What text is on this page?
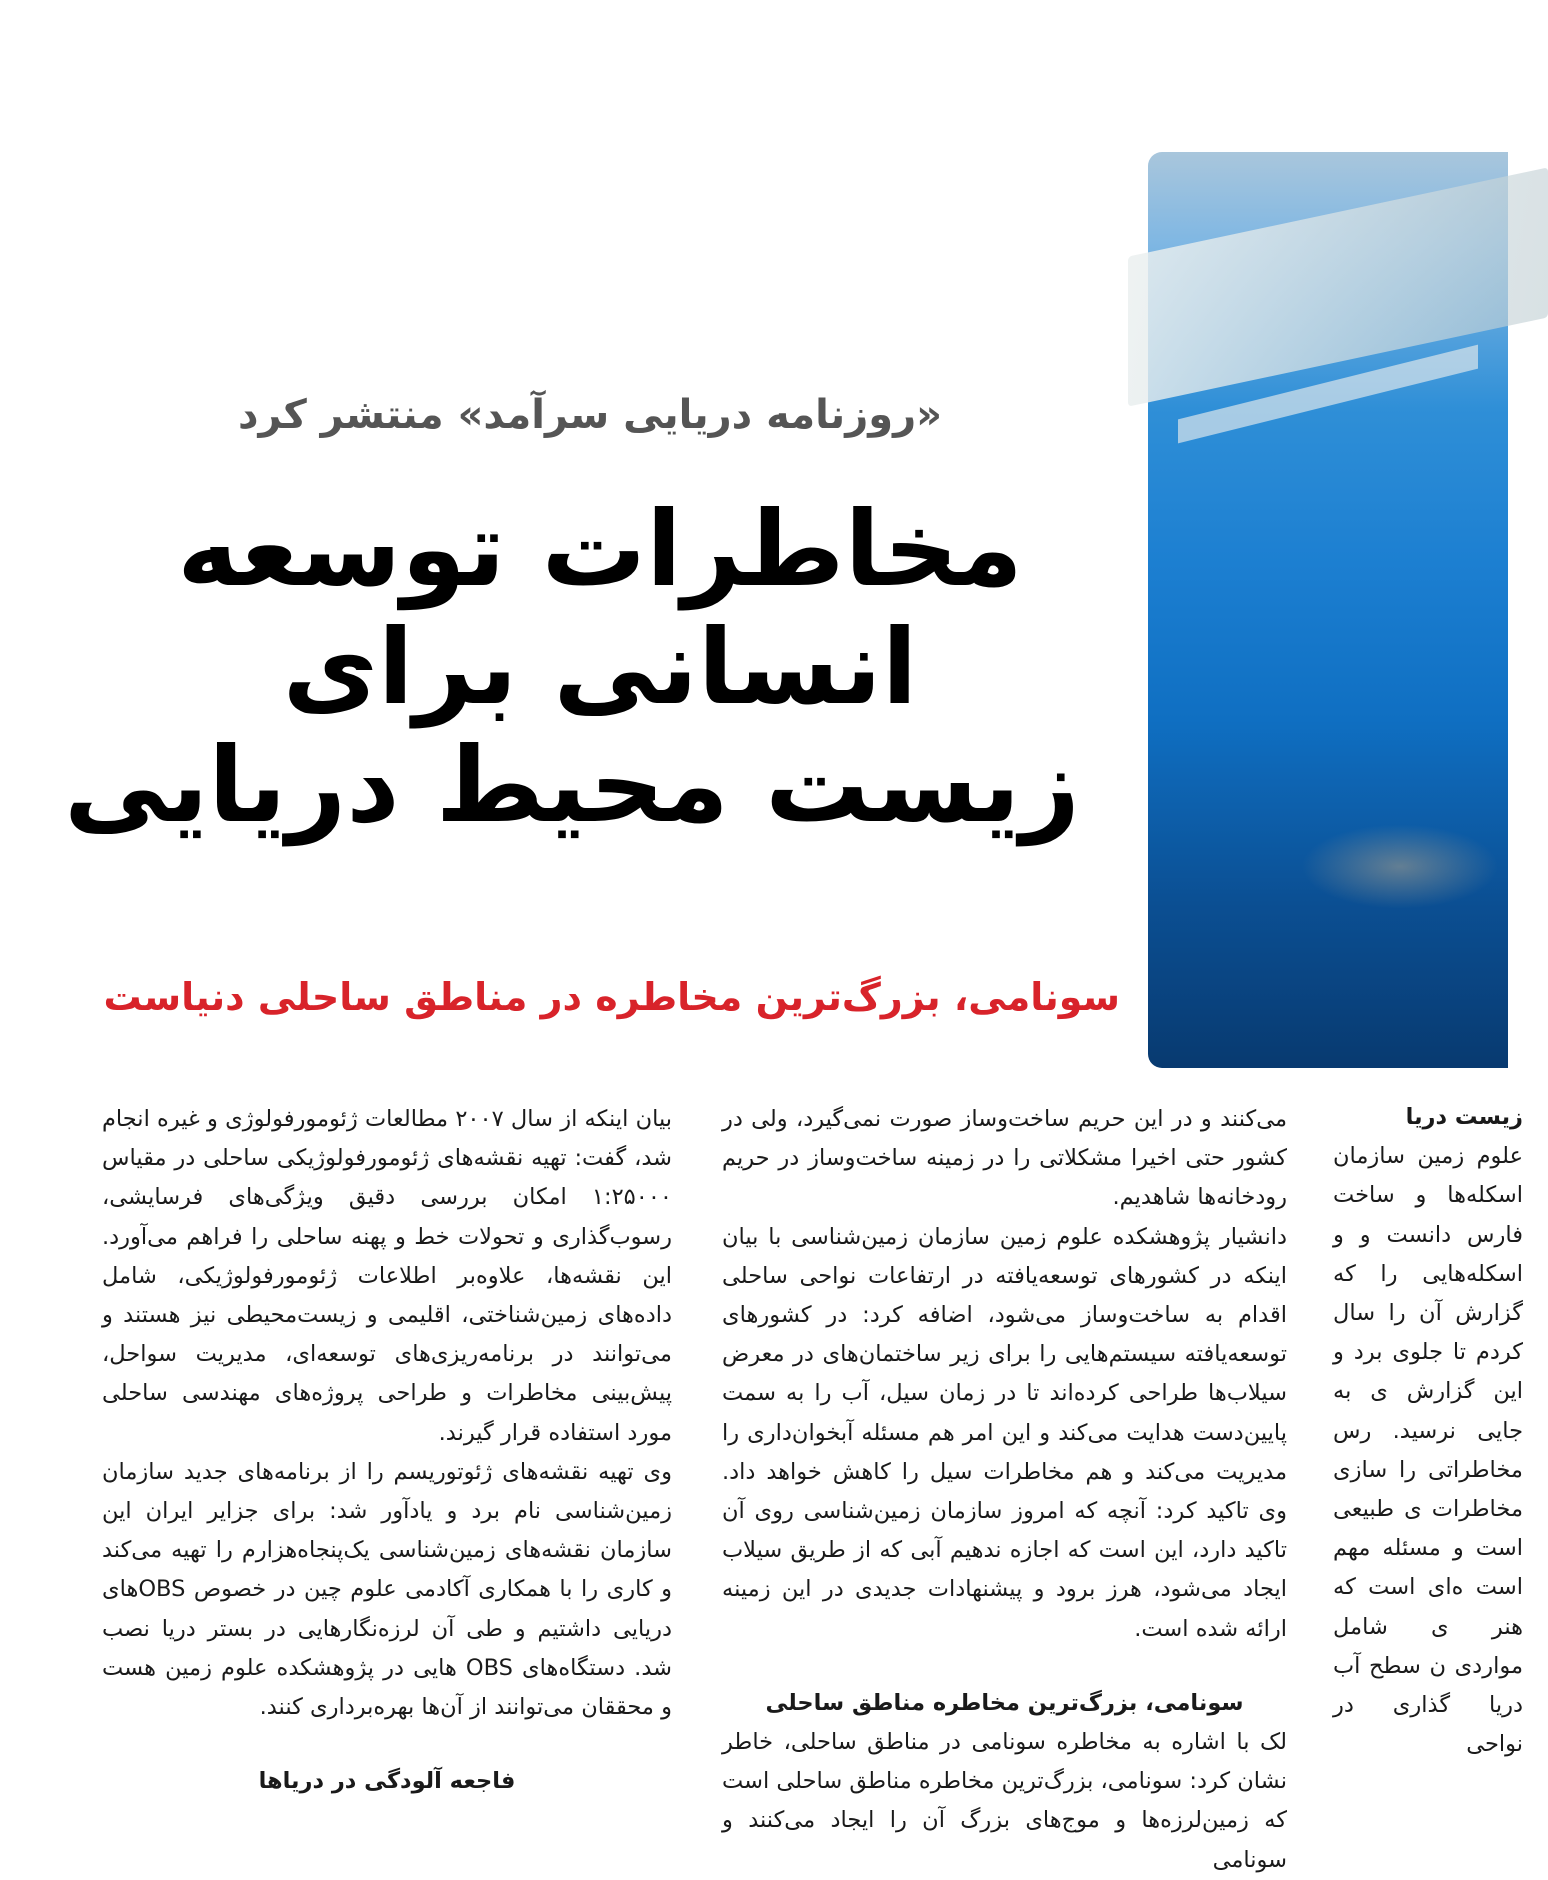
«روزنامه دریایی سرآمد» منتشر کرد
مخاطرات توسعه
انسانی برای
زیست محیط دریایی
سونامی، بزرگ‌ترین مخاطره در مناطق ساحلی دنیاست

زیست دریا

علوم زمین سازمان اسکله‌ها و ساخت فارس دانست و و اسکله‌هایی را که گزارش آن را سال کردم تا جلوی برد و این گزارش ی به جایی نرسید. رس مخاطراتی را سازی مخاطرات ی طبیعی است و مسئله مهم است ه‌ای است که هنر ی شامل مواردی ن سطح آب دریا گذاری در نواحی

می‌کنند و در این حریم ساخت‌وساز صورت نمی‌گیرد، ولی در کشور حتی اخیرا مشکلاتی را در زمینه ساخت‌وساز در حریم رودخانه‌ها شاهدیم.

دانشیار پژوهشکده علوم زمین سازمان زمین‌شناسی با بیان اینکه در کشورهای توسعه‌یافته در ارتفاعات نواحی ساحلی اقدام به ساخت‌وساز می‌شود، اضافه کرد: در کشورهای توسعه‌یافته سیستم‌هایی را برای زیر ساختمان‌های در معرض سیلاب‌ها طراحی کرده‌اند تا در زمان سیل، آب را به سمت پایین‌دست هدایت می‌کند و این امر هم مسئله آبخوان‌داری را مدیریت می‌کند و هم مخاطرات سیل را کاهش خواهد داد. وی تاکید کرد: آنچه که امروز سازمان زمین‌شناسی روی آن تاکید دارد، این است که اجازه ندهیم آبی که از طریق سیلاب ایجاد می‌شود، هرز برود و پیشنهادات جدیدی در این زمینه ارائه شده است.

سونامی، بزرگ‌ترین مخاطره مناطق ساحلی

لک با اشاره به مخاطره سونامی در مناطق ساحلی، خاطر نشان کرد: سونامی، بزرگ‌ترین مخاطره مناطق ساحلی است که زمین‌لرزه‌ها و موج‌های بزرگ آن را ایجاد می‌کنند و سونامی

بیان اینکه از سال ۲۰۰۷ مطالعات ژئومورفولوژی و غیره انجام شد، گفت: تهیه نقشه‌های ژئومورفولوژیکی ساحلی در مقیاس ۱:۲۵۰۰۰ امکان بررسی دقیق ویژگی‌های فرسایشی، رسوب‌گذاری و تحولات خط و پهنه ساحلی را فراهم می‌آورد. این نقشه‌ها، علاوه‌بر اطلاعات ژئومورفولوژیکی، شامل داده‌های زمین‌شناختی، اقلیمی و زیست‌محیطی نیز هستند و می‌توانند در برنامه‌ریزی‌های توسعه‌ای، مدیریت سواحل، پیش‌بینی مخاطرات و طراحی پروژه‌های مهندسی ساحلی مورد استفاده قرار گیرند.

وی تهیه نقشه‌های ژئوتوریسم را از برنامه‌های جدید سازمان زمین‌شناسی نام برد و یادآور شد: برای جزایر ایران این سازمان نقشه‌های زمین‌شناسی یک‌پنجاه‌هزارم را تهیه می‌کند و کاری را با همکاری آکادمی علوم چین در خصوص OBSهای دریایی داشتیم و طی آن لرزه‌نگارهایی در بستر دریا نصب شد. دستگاه‌های OBS هایی در پژوهشکده علوم زمین هست و محققان می‌توانند از آن‌ها بهره‌برداری کنند.

فاجعه آلودگی در دریاها
